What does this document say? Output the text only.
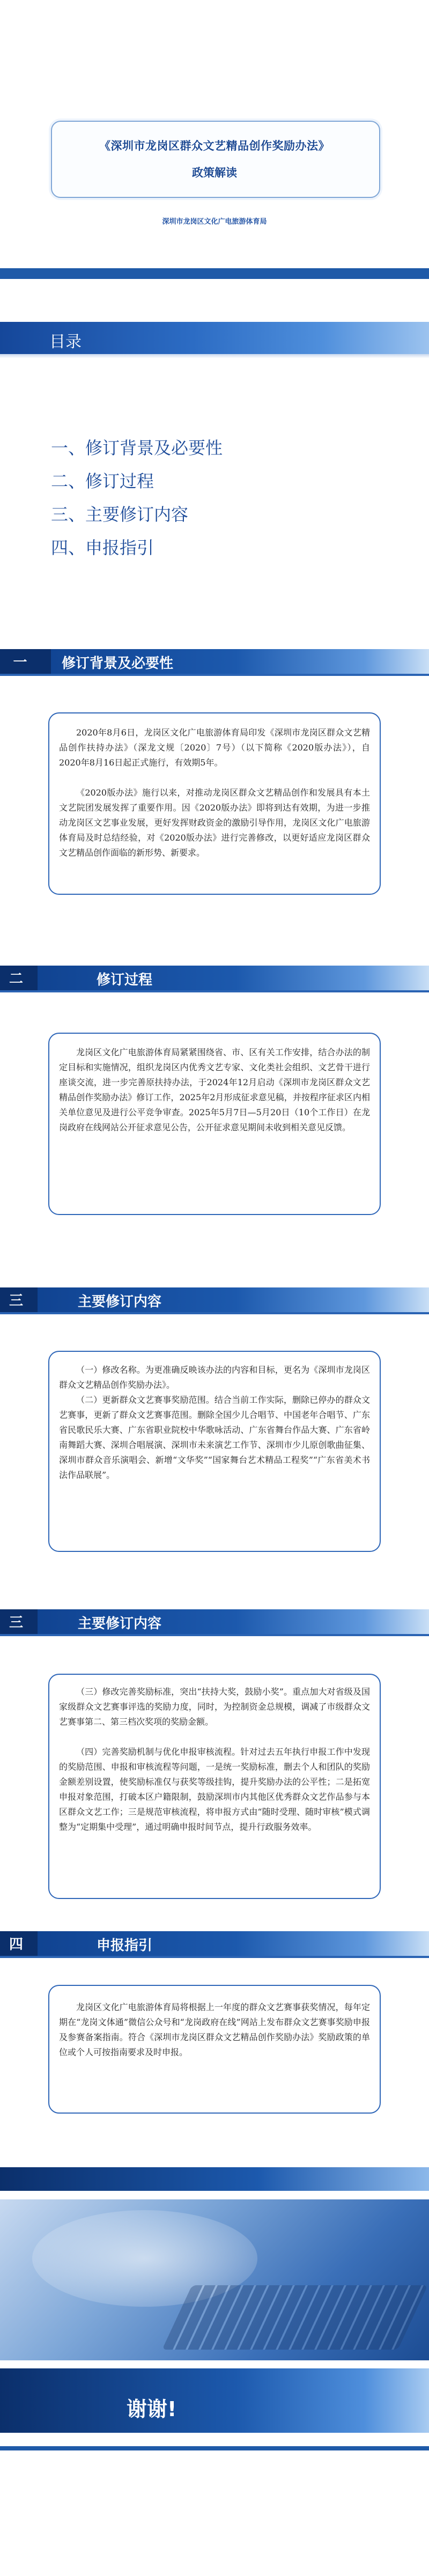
《深圳市龙岗区群众文艺精品创作奖励办法》
政策解读
深圳市龙岗区文化广电旅游体育局
目录
一、修订背景及必要性
二、修订过程
三、主要修订内容
四、申报指引
一	修订背景及必要性

2020年8月6日，龙岗区文化广电旅游体育局印发《深圳市龙岗区群众文艺精品创作扶持办法》（深龙文规〔2020〕7号）（以下简称《2020版办法》），自2020年8月16日起正式施行，有效期5年。

《2020版办法》施行以来，对推动龙岗区群众文艺精品创作和发展具有本土文艺院团发展发挥了重要作用。因《2020版办法》即将到达有效期，为进一步推动龙岗区文艺事业发展，更好发挥财政资金的激励引导作用，龙岗区文化广电旅游体育局及时总结经验，对《2020版办法》进行完善修改，以更好适应龙岗区群众文艺精品创作面临的新形势、新要求。

二	修订过程

龙岗区文化广电旅游体育局紧紧围绕省、市、区有关工作安排，结合办法的制定目标和实施情况，组织龙岗区内优秀文艺专家、文化类社会组织、文艺骨干进行座谈交流，进一步完善原扶持办法，于2024年12月启动《深圳市龙岗区群众文艺精品创作奖励办法》修订工作，2025年2月形成征求意见稿，并按程序征求区内相关单位意见及进行公平竞争审查。2025年5月7日—5月20日（10个工作日）在龙岗政府在线网站公开征求意见公告，公开征求意见期间未收到相关意见反馈。

三	主要修订内容

（一）修改名称。为更准确反映该办法的内容和目标，更名为《深圳市龙岗区群众文艺精品创作奖励办法》。

（二）更新群众文艺赛事奖励范围。结合当前工作实际，删除已停办的群众文艺赛事，更新了群众文艺赛事范围。删除全国少儿合唱节、中国老年合唱节、广东省民歌民乐大赛、广东省职业院校中华歌咏活动、广东省舞台作品大赛、广东省岭南舞蹈大赛、深圳合唱展演、深圳市未来演艺工作节、深圳市少儿原创歌曲征集、深圳市群众音乐演唱会、新增“文华奖”“国家舞台艺术精品工程奖”“广东省美术书法作品联展”。

三	主要修订内容

（三）修改完善奖励标准，突出“扶持大奖，鼓励小奖”。重点加大对省级及国家级群众文艺赛事评选的奖励力度，同时，为控制资金总规模，调减了市级群众文艺赛事第二、第三档次奖项的奖励金额。

（四）完善奖励机制与优化申报审核流程。针对过去五年执行申报工作中发现的奖励范围、申报和审核流程等问题，一是统一奖励标准，删去个人和团队的奖励金额差别设置，使奖励标准仅与获奖等级挂钩，提升奖励办法的公平性；二是拓宽申报对象范围，打破本区户籍限制，鼓励深圳市内其他区优秀群众文艺作品参与本区群众文艺工作；三是规范审核流程，将申报方式由“随时受理、随时审核”模式调整为“定期集中受理”，通过明确申报时间节点，提升行政服务效率。

四	申报指引

龙岗区文化广电旅游体育局将根据上一年度的群众文艺赛事获奖情况，每年定期在“龙岗文体通”微信公众号和“龙岗政府在线”网站上发布群众文艺赛事奖励申报及参赛备案指南。符合《深圳市龙岗区群众文艺精品创作奖励办法》奖励政策的单位或个人可按指南要求及时申报。

谢谢!
